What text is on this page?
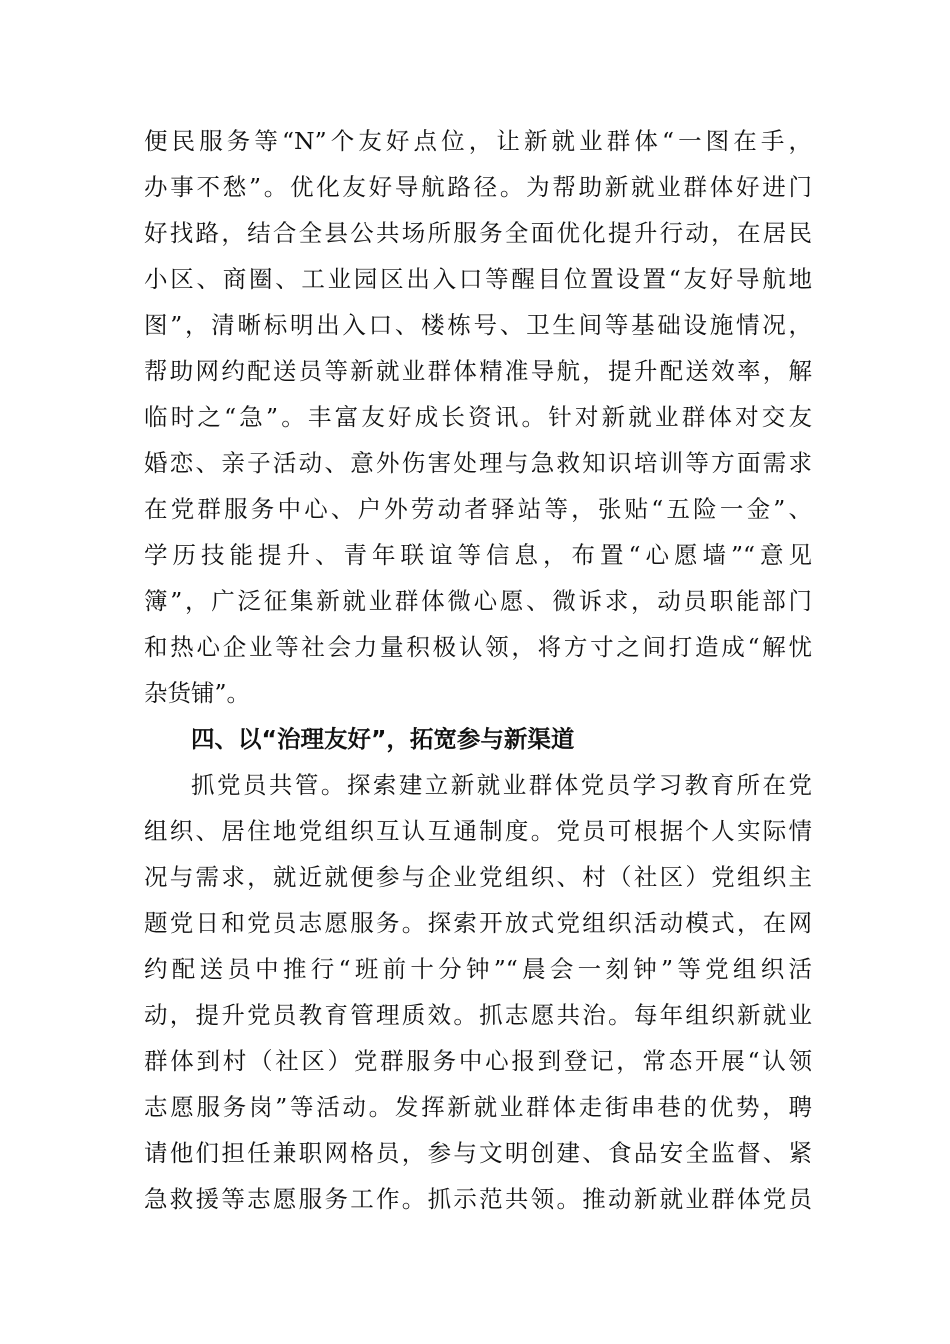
便民服务等“N”个友好点位，让新就业群体“一图在手，
办事不愁”。优化友好导航路径。为帮助新就业群体好进门
好找路，结合全县公共场所服务全面优化提升行动，在居民
小区、商圈、工业园区出入口等醒目位置设置“友好导航地
图”，清晰标明出入口、楼栋号、卫生间等基础设施情况，
帮助网约配送员等新就业群体精准导航，提升配送效率，解
临时之“急”。丰富友好成长资讯。针对新就业群体对交友
婚恋、亲子活动、意外伤害处理与急救知识培训等方面需求
在党群服务中心、户外劳动者驿站等，张贴“五险一金”、
学历技能提升、青年联谊等信息，布置“心愿墙”“意见
簿”，广泛征集新就业群体微心愿、微诉求，动员职能部门
和热心企业等社会力量积极认领，将方寸之间打造成“解忧
杂货铺”。
四、以“治理友好”，拓宽参与新渠道
抓党员共管。探索建立新就业群体党员学习教育所在党
组织、居住地党组织互认互通制度。党员可根据个人实际情
况与需求，就近就便参与企业党组织、村（社区）党组织主
题党日和党员志愿服务。探索开放式党组织活动模式，在网
约配送员中推行“班前十分钟”“晨会一刻钟”等党组织活
动，提升党员教育管理质效。抓志愿共治。每年组织新就业
群体到村（社区）党群服务中心报到登记，常态开展“认领
志愿服务岗”等活动。发挥新就业群体走街串巷的优势，聘
请他们担任兼职网格员，参与文明创建、食品安全监督、紧
急救援等志愿服务工作。抓示范共领。推动新就业群体党员
